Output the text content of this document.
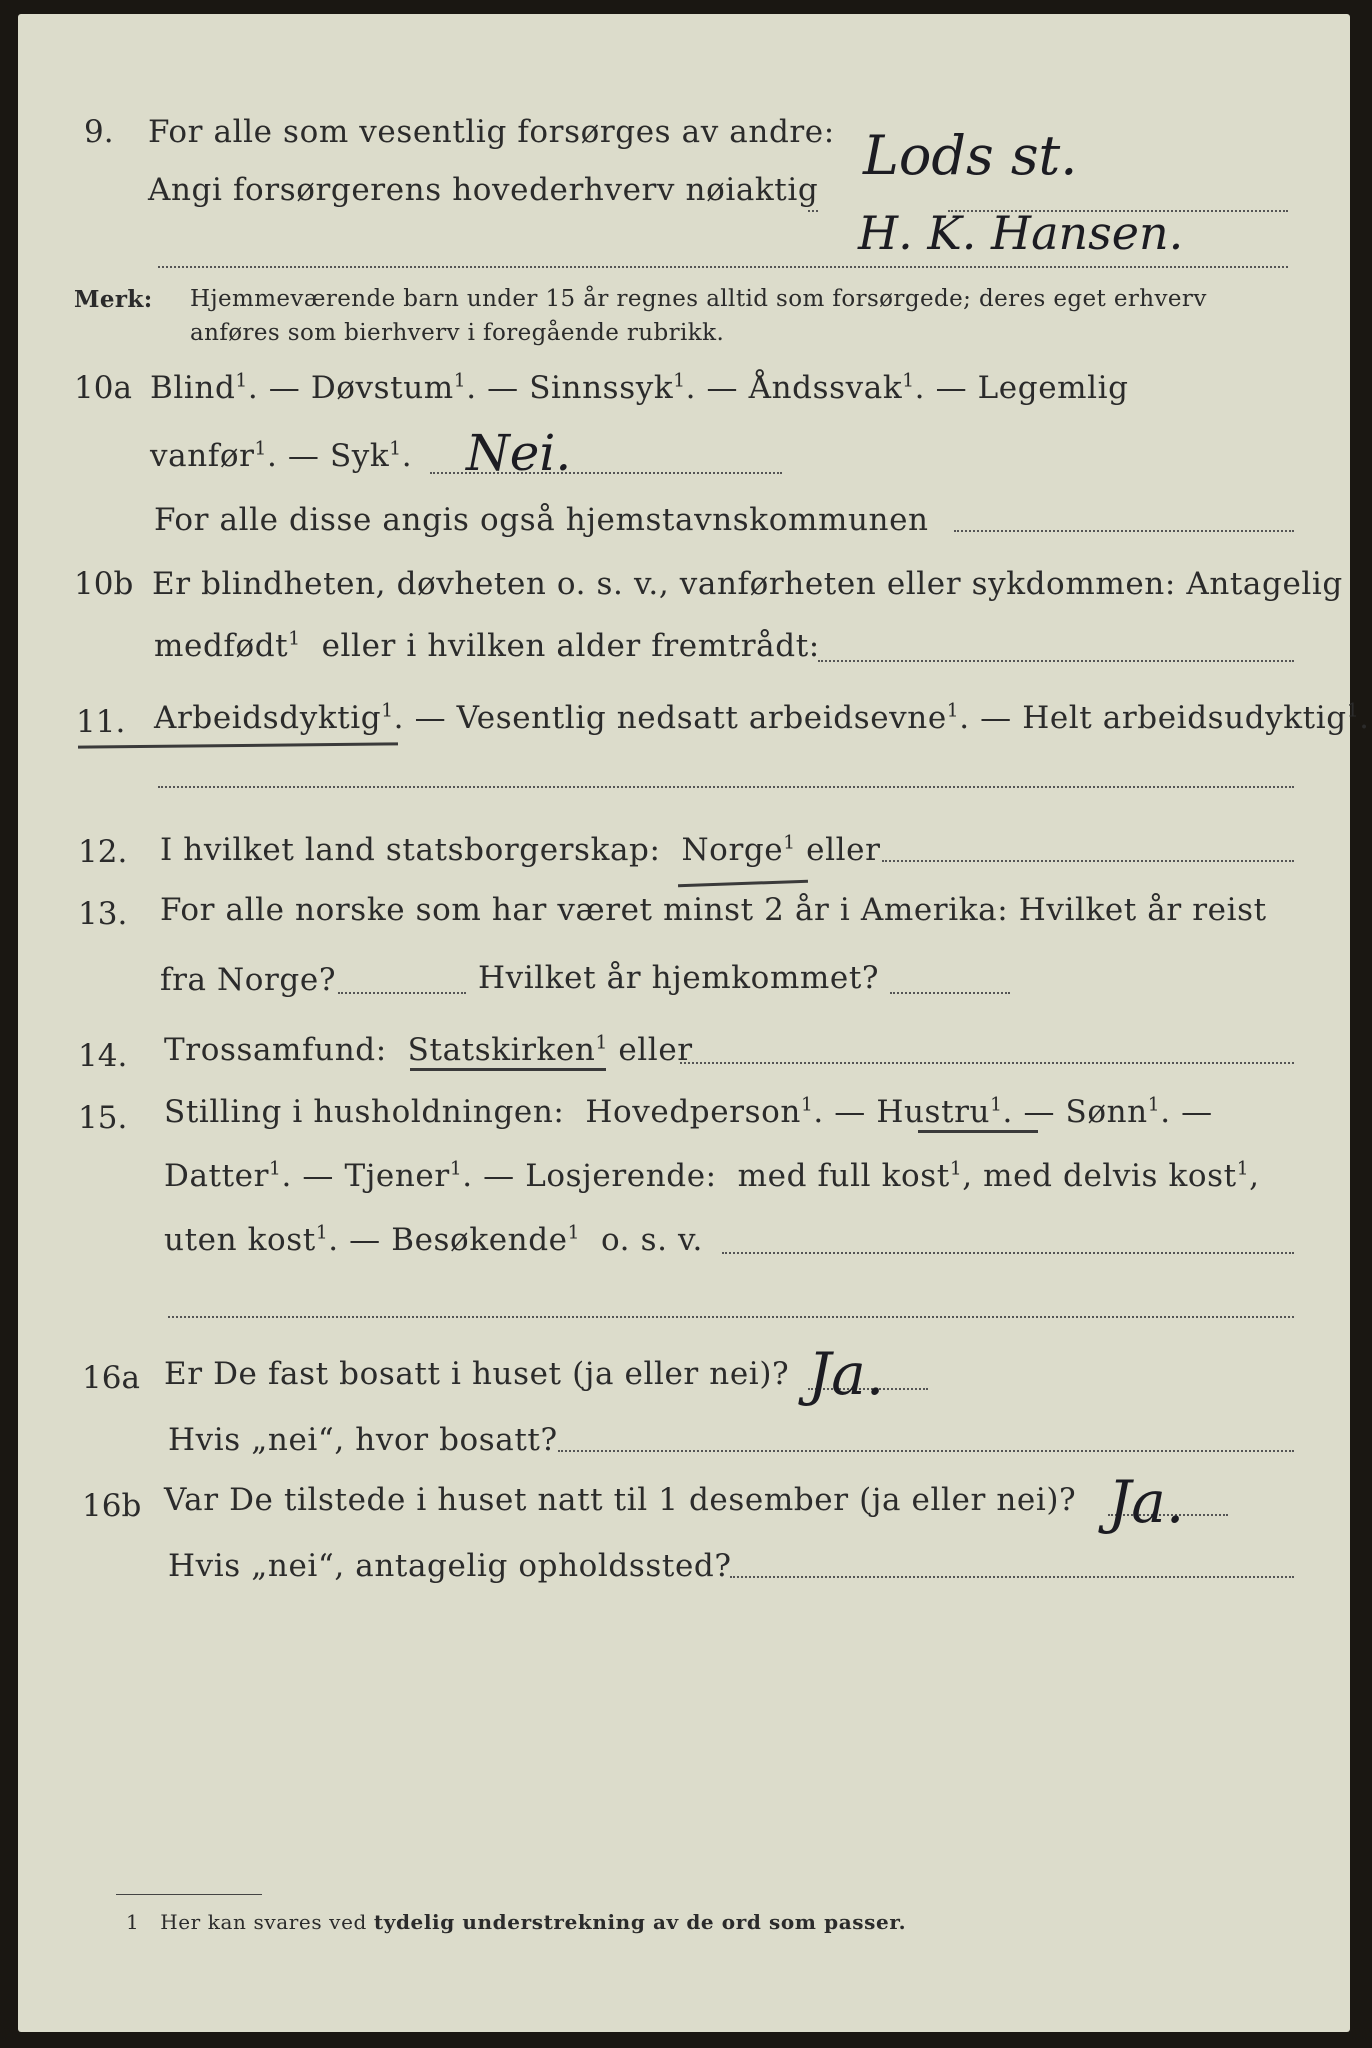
9. For alle som vesentlig forsørges av andre:
Angi forsørgerens hovederhverv nøiaktig
Lods st.
H. K. Hansen.
Merk: Hjemmeværende barn under 15 år regnes alltid som forsørgede; deres eget erhverv
anføres som bierhverv i foregående rubrikk.
10a Blind$^1$. — Døvstum$^1$. — Sinnssyk$^1$. — Åndssvak$^1$. — Legemlig
vanfør$^1$. — Syk$^1$. Nei.
For alle disse angis også hjemstavnskommunen
10b Er blindheten, døvheten o. s. v., vanførheten eller sykdommen: Antagelig
medfødt$^1$ eller i hvilken alder fremtrådt:
11. Arbeidsdyktig$^1$. — Vesentlig nedsatt arbeidsevne$^1$. — Helt arbeidsudyktig$^1$.
12. I hvilket land statsborgerskap: Norge$^1$ eller
13. For alle norske som har været minst 2 år i Amerika: Hvilket år reist
fra Norge?	Hvilket år hjemkommet?
14. Trossamfund: Statskirken$^1$ eller
15. Stilling i husholdningen: Hovedperson$^1$. — Hustru$^1$. — Sønn$^1$. —
Datter$^1$. — Tjener$^1$. — Losjerende: med full kost$^1$, med delvis kost$^1$,
uten kost$^1$. — Besøkende$^1$ o. s. v.
16a Er De fast bosatt i huset (ja eller nei)? Ja.
Hvis „nei“, hvor bosatt?
16b Var De tilstede i huset natt til 1 desember (ja eller nei)? Ja.
Hvis „nei“, antagelig opholdssted?
1 Her kan svares ved tydelig understrekning av de ord som passer.
